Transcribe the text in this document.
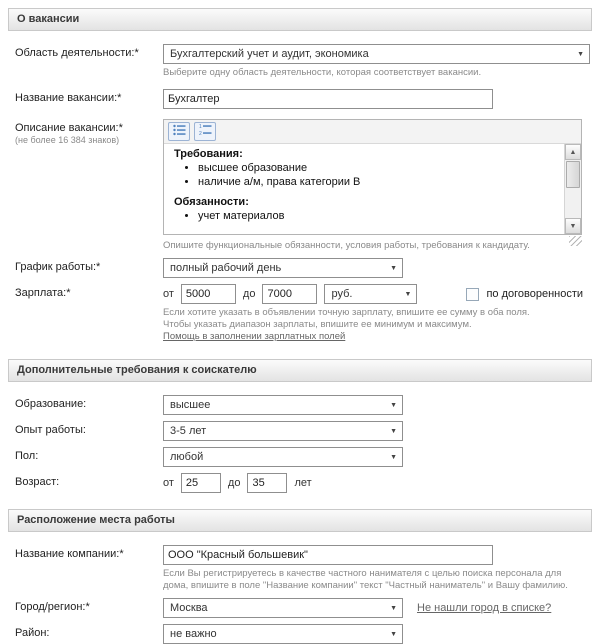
О вакансии
Область деятельности:*	Бухгалтерский учет и аудит, экономика	▼
Выберите одну область деятельности, которая соответствует вакансии.
Название вакансии:*
Бухгалтер
Описание вакансии:*
(не более 16 384 знаков)
1
2
Требования:
• высшее образование
• наличие а/м, права категории B
Обязанности:
• учет материалов
▲
▼
Опишите функциональные обязанности, условия работы, требования к кандидату.
График работы:*	полный рабочий день	▼
Зарплата:*	от
5000	до
7000	руб.	▼	по договоренности
Если хотите указать в объявлении точную зарплату, впишите ее сумму в оба поля.
Чтобы указать диапазон зарплаты, впишите ее минимум и максимум.
Помощь в заполнении зарплатных полей
Дополнительные требования к соискателю
Образование:	высшее	▼
Опыт работы:	3-5 лет	▼
Пол:	любой	▼
Возраст:	от
25	до
35	лет
Расположение места работы
Название компании:*
ООО "Красный большевик"
Если Вы регистрируетесь в качестве частного нанимателя с целью поиска персонала для дома, впишите в поле "Название компании" текст "Частный наниматель" и Вашу фамилию.
Город/регион:*	Москва	▼ Не нашли город в списке?
Район:	не важно	▼
